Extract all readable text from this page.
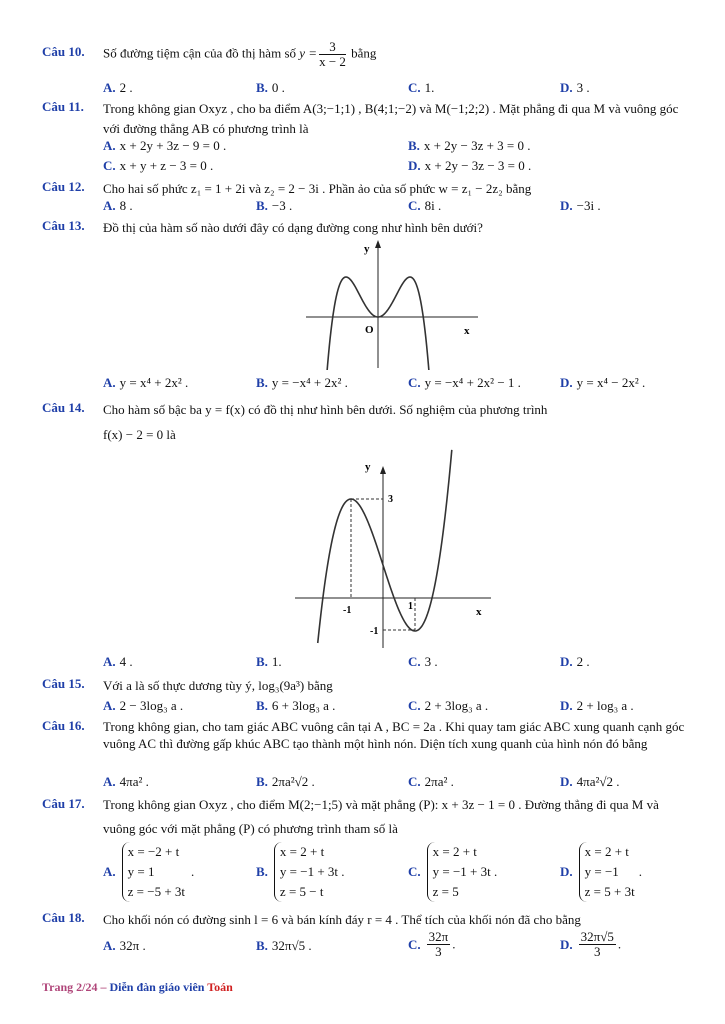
Câu 10. Số đường tiệm cận của đồ thị hàm số $y = \frac{3}{x - 2}$ bằng
A. 2 .	B. 0 .	C. 1.	D. 3 .
Câu 11. Trong không gian Oxyz , cho ba điểm A(3;−1;1) , B(4;1;−2) và M(−1;2;2) . Mặt phẳng đi qua M và vuông góc với đường thẳng AB có phương trình là
A. x + 2y + 3z − 9 = 0 .	B. x + 2y − 3z + 3 = 0 .
C. x + y + z − 3 = 0 .	D. x + 2y − 3z − 3 = 0 .
Câu 12. Cho hai số phức z₁ = 1 + 2i và z₂ = 2 − 3i . Phần ảo của số phức w = z₁ − 2z₂ bằng
A. 8 .	B. −3 .	C. 8i .	D. −3i .
Câu 13. Đồ thị của hàm số nào dưới đây có dạng đường cong như hình bên dưới?
y
x
O
A. y = x⁴ + 2x² .	B. y = −x⁴ + 2x² .	C. y = −x⁴ + 2x² − 1 .	D. y = x⁴ − 2x² .
Câu 14. Cho hàm số bậc ba y = f(x) có đồ thị như hình bên dưới. Số nghiệm của phương trình
f(x) − 2 = 0 là
y
x
3
-1	1
-1
A. 4 .	B. 1.	C. 3 .	D. 2 .
Câu 15. Với a là số thực dương tùy ý, log₃(9a³) bằng
A. 2 − 3log₃ a .	B. 6 + 3log₃ a .	C. 2 + 3log₃ a .	D. 2 + log₃ a .
Câu 16. Trong không gian, cho tam giác ABC vuông cân tại A , BC = 2a . Khi quay tam giác ABC xung quanh cạnh góc vuông AC thì đường gấp khúc ABC tạo thành một hình nón. Diện tích xung quanh của hình nón đó bằng
A. 4πa² .	B. 2πa²√2 .	C. 2πa² .	D. 4πa²√2 .
Câu 17. Trong không gian Oxyz , cho điểm M(2;−1;5) và mặt phẳng (P): x + 3z − 1 = 0 . Đường thẳng đi qua M và vuông góc với mặt phẳng (P) có phương trình tham số là
A.x = −2 + t
y = 1
z = −5 + 3t.	B.x = 2 + t
y = −1 + 3t .
z = 5 − t
C.x = 2 + t
y = −1 + 3t .
z = 5
D.x = 2 + t
y = −1
z = 5 + 3t.
Câu 18. Cho khối nón có đường sinh l = 6 và bán kính đáy r = 4 . Thể tích của khối nón đã cho bằng
A. 32π .	B. 32π√5 .	C. $\frac{32\pi}{3}$ .	D. $\frac{32\pi√5}{3}$ .
Trang 2/24 – Diễn đàn giáo viên Toán
